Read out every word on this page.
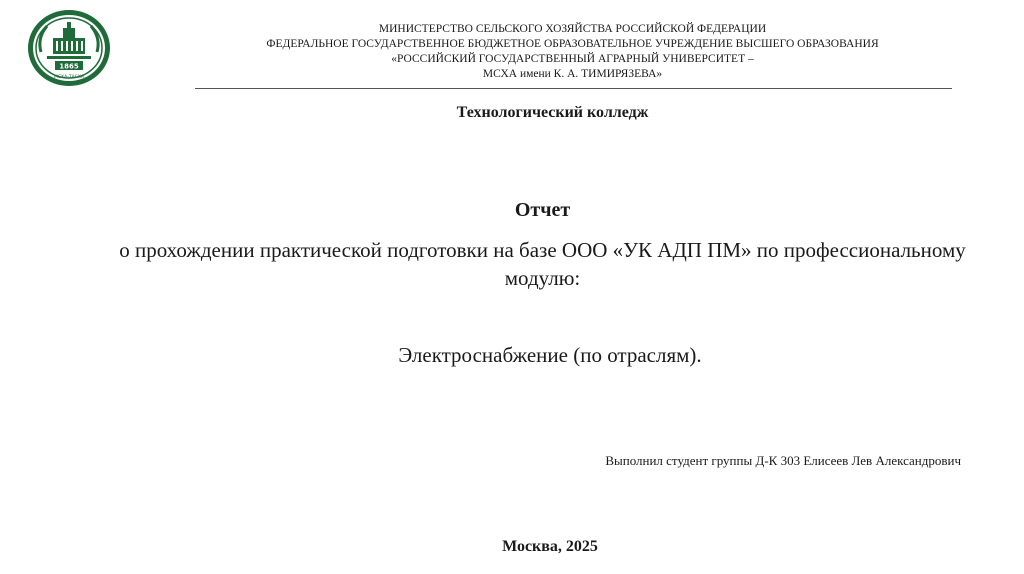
1865
МСХА-ТАСХА
МИНИСТЕРСТВО СЕЛЬСКОГО ХОЗЯЙСТВА РОССИЙСКОЙ ФЕДЕРАЦИИ
ФЕДЕРАЛЬНОЕ ГОСУДАРСТВЕННОЕ БЮДЖЕТНОЕ ОБРАЗОВАТЕЛЬНОЕ УЧРЕЖДЕНИЕ ВЫСШЕГО ОБРАЗОВАНИЯ
«РОССИЙСКИЙ ГОСУДАРСТВЕННЫЙ АГРАРНЫЙ УНИВЕРСИТЕТ –
МСХА имени К. А. ТИМИРЯЗЕВА»
Технологический колледж
Отчет
о прохождении практической подготовки на базе ООО «УК АДП ПМ» по профессиональному модулю:
Электроснабжение (по отраслям).
Выполнил студент группы Д-К 303 Елисеев Лев Александрович
Москва, 2025
